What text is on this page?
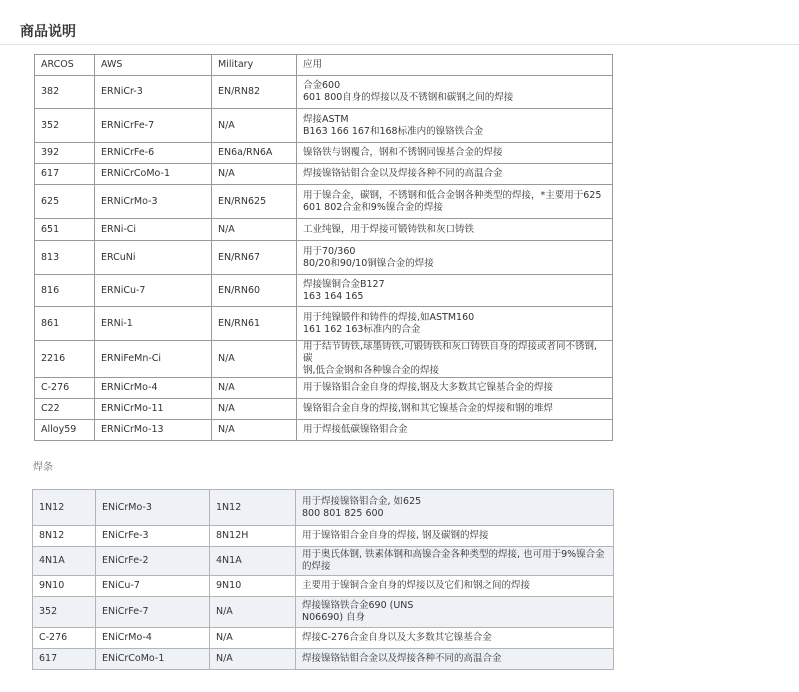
商品说明
ARCOS	AWS	Military	应用
382	ERNiCr-3	EN/RN82	合金600
601 800自身的焊接以及不锈钢和碳钢之间的焊接

352	ERNiCrFe-7	N/A	焊接ASTM
B163 166 167和168标准内的镍铬铁合金

392	ERNiCrFe-6	EN6a/RN6A	镍铬铁与钢覆合，钢和不锈钢同镍基合金的焊接

617	ERNiCrCoMo-1	N/A	焊接镍铬钴钼合金以及焊接各种不同的高温合金

625	ERNiCrMo-3	EN/RN625	用于镍合金，碳钢，不锈钢和低合金钢各种类型的焊接，*主要用于625
601 802合金和9%镍合金的焊接

651	ERNi-Ci	N/A	工业纯镍，用于焊接可锻铸铁和灰口铸铁

813	ERCuNi	EN/RN67	用于70/360
80/20和90/10铜镍合金的焊接

816	ERNiCu-7	EN/RN60	焊接镍铜合金B127
163 164 165

861	ERNi-1	EN/RN61	用于纯镍锻件和铸件的焊接,如ASTM160
161 162 163标准内的合金

2216	ERNiFeMn-Ci	N/A	用于结节铸铁,球墨铸铁,可锻铸铁和灰口铸铁自身的焊接或者同不锈钢,碳
钢,低合金钢和各种镍合金的焊接

C-276	ERNiCrMo-4	N/A	用于镍铬钼合金自身的焊接,钢及大多数其它镍基合金的焊接

C22	ERNiCrMo-11	N/A	镍铬钼合金自身的焊接,钢和其它镍基合金的焊接和钢的堆焊

Alloy59	ERNiCrMo-13	N/A	用于焊接低碳镍铬钼合金
焊条
1N12	ENiCrMo-3	1N12	用于焊接镍铬钼合金, 如625
800 801 825 600

8N12	ENiCrFe-3	8N12H	用于镍铬钼合金自身的焊接, 钢及碳钢的焊接

4N1A	ENiCrFe-2	4N1A	用于奥氏体钢, 铁素体钢和高镍合金各种类型的焊接, 也可用于9%镍合金
的焊接

9N10	ENiCu-7	9N10	主要用于镍铜合金自身的焊接以及它们和钢之间的焊接

352	ENiCrFe-7	N/A	焊接镍铬铁合金690 (UNS
N06690) 自身

C-276	ENiCrMo-4	N/A	焊接C-276合金自身以及大多数其它镍基合金

617	ENiCrCoMo-1	N/A	焊接镍铬钴钼合金以及焊接各种不同的高温合金
